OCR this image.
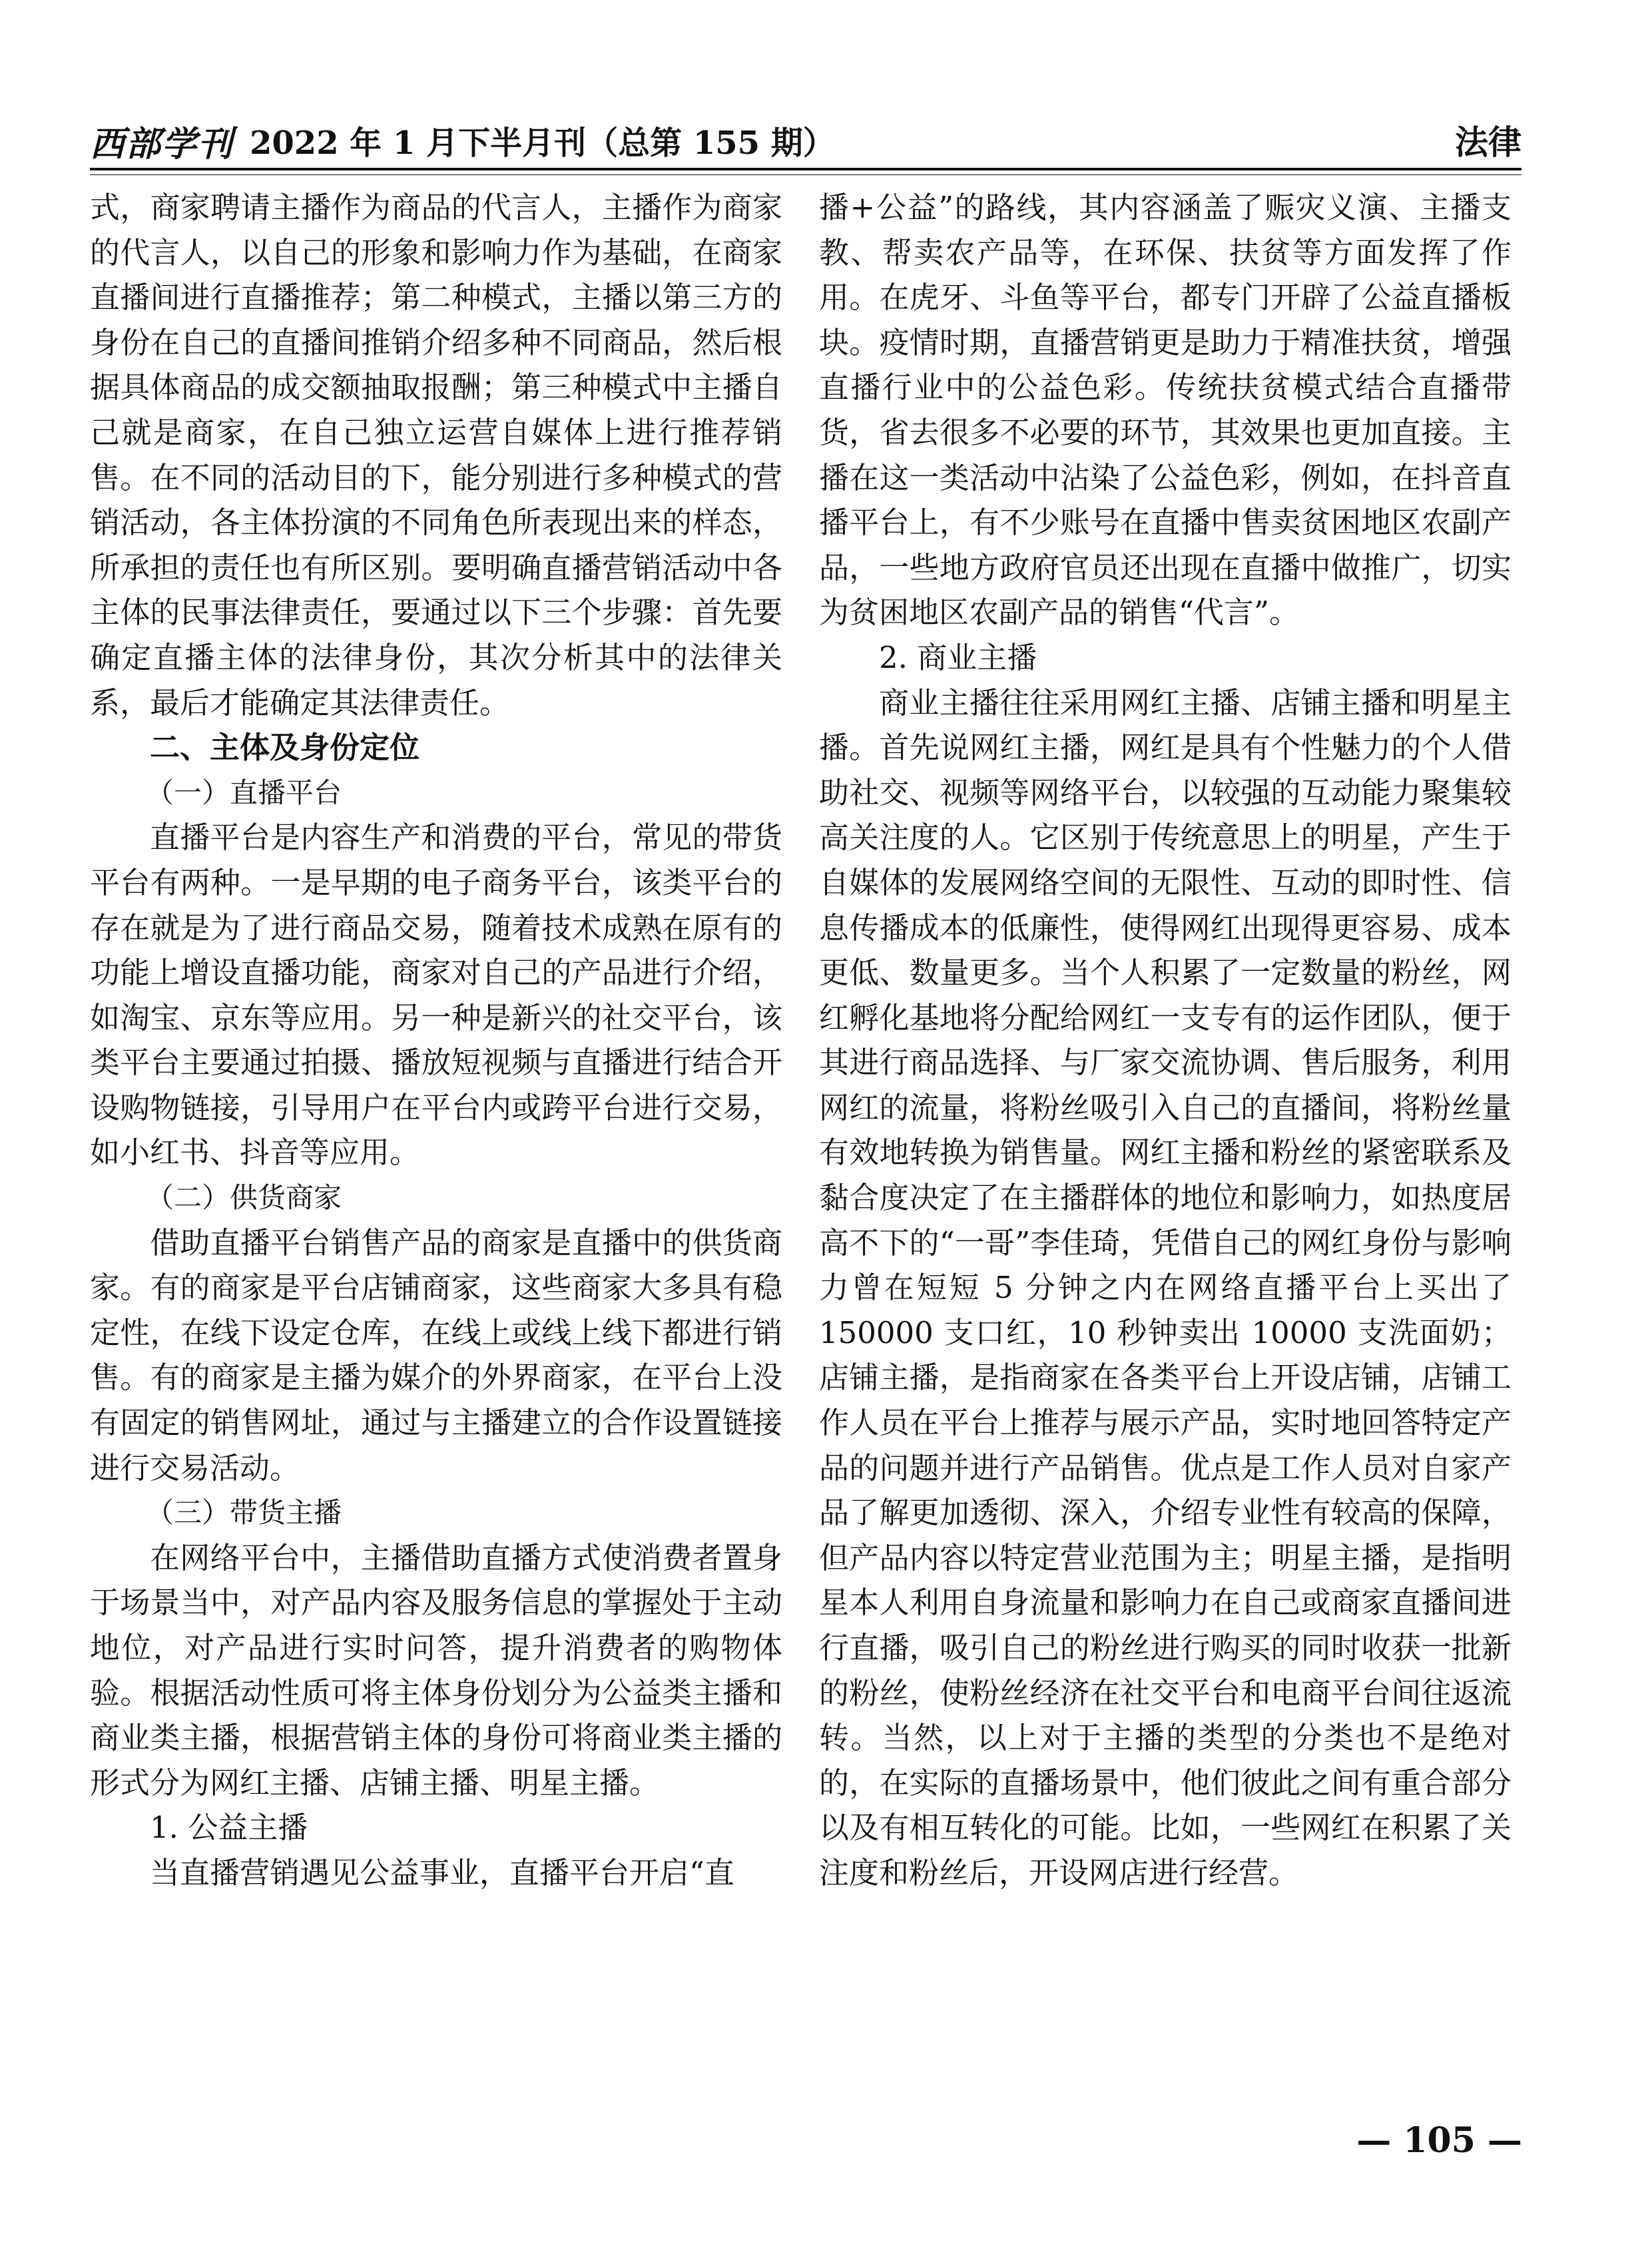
西部学刊 2022 年 1 月下半月刊（总第 155 期）	法律

式，商家聘请主播作为商品的代言人，主播作为商家的代言人，以自己的形象和影响力作为基础，在商家直播间进行直播推荐；第二种模式，主播以第三方的身份在自己的直播间推销介绍多种不同商品，然后根据具体商品的成交额抽取报酬；第三种模式中主播自己就是商家，在自己独立运营自媒体上进行推荐销售。在不同的活动目的下，能分别进行多种模式的营销活动，各主体扮演的不同角色所表现出来的样态，所承担的责任也有所区别。要明确直播营销活动中各主体的民事法律责任，要通过以下三个步骤：首先要确定直播主体的法律身份，其次分析其中的法律关系，最后才能确定其法律责任。

二、主体及身份定位

（一）直播平台

直播平台是内容生产和消费的平台，常见的带货平台有两种。一是早期的电子商务平台，该类平台的存在就是为了进行商品交易，随着技术成熟在原有的功能上增设直播功能，商家对自己的产品进行介绍，如淘宝、京东等应用。另一种是新兴的社交平台，该类平台主要通过拍摄、播放短视频与直播进行结合开设购物链接，引导用户在平台内或跨平台进行交易，如小红书、抖音等应用。

（二）供货商家

借助直播平台销售产品的商家是直播中的供货商家。有的商家是平台店铺商家，这些商家大多具有稳定性，在线下设定仓库，在线上或线上线下都进行销售。有的商家是主播为媒介的外界商家，在平台上没有固定的销售网址，通过与主播建立的合作设置链接进行交易活动。

（三）带货主播

在网络平台中，主播借助直播方式使消费者置身于场景当中，对产品内容及服务信息的掌握处于主动地位，对产品进行实时问答，提升消费者的购物体验。根据活动性质可将主体身份划分为公益类主播和商业类主播，根据营销主体的身份可将商业类主播的形式分为网红主播、店铺主播、明星主播。

1. 公益主播

当直播营销遇见公益事业，直播平台开启“直

播+公益”的路线，其内容涵盖了赈灾义演、主播支教、帮卖农产品等，在环保、扶贫等方面发挥了作用。在虎牙、斗鱼等平台，都专门开辟了公益直播板块。疫情时期，直播营销更是助力于精准扶贫，增强直播行业中的公益色彩。传统扶贫模式结合直播带货，省去很多不必要的环节，其效果也更加直接。主播在这一类活动中沾染了公益色彩，例如，在抖音直播平台上，有不少账号在直播中售卖贫困地区农副产品，一些地方政府官员还出现在直播中做推广，切实为贫困地区农副产品的销售“代言”。

2. 商业主播

商业主播往往采用网红主播、店铺主播和明星主播。首先说网红主播，网红是具有个性魅力的个人借助社交、视频等网络平台，以较强的互动能力聚集较高关注度的人。它区别于传统意思上的明星，产生于自媒体的发展网络空间的无限性、互动的即时性、信息传播成本的低廉性，使得网红出现得更容易、成本更低、数量更多。当个人积累了一定数量的粉丝，网红孵化基地将分配给网红一支专有的运作团队，便于其进行商品选择、与厂家交流协调、售后服务，利用网红的流量，将粉丝吸引入自己的直播间，将粉丝量有效地转换为销售量。网红主播和粉丝的紧密联系及黏合度决定了在主播群体的地位和影响力，如热度居高不下的“一哥”李佳琦，凭借自己的网红身份与影响力曾在短短 5 分钟之内在网络直播平台上买出了 150000 支口红，10 秒钟卖出 10000 支洗面奶；店铺主播，是指商家在各类平台上开设店铺，店铺工作人员在平台上推荐与展示产品，实时地回答特定产品的问题并进行产品销售。优点是工作人员对自家产品了解更加透彻、深入，介绍专业性有较高的保障，但产品内容以特定营业范围为主；明星主播，是指明星本人利用自身流量和影响力在自己或商家直播间进行直播，吸引自己的粉丝进行购买的同时收获一批新的粉丝，使粉丝经济在社交平台和电商平台间往返流转。当然，以上对于主播的类型的分类也不是绝对的，在实际的直播场景中，他们彼此之间有重合部分以及有相互转化的可能。比如，一些网红在积累了关注度和粉丝后，开设网店进行经营。

— 105 —
